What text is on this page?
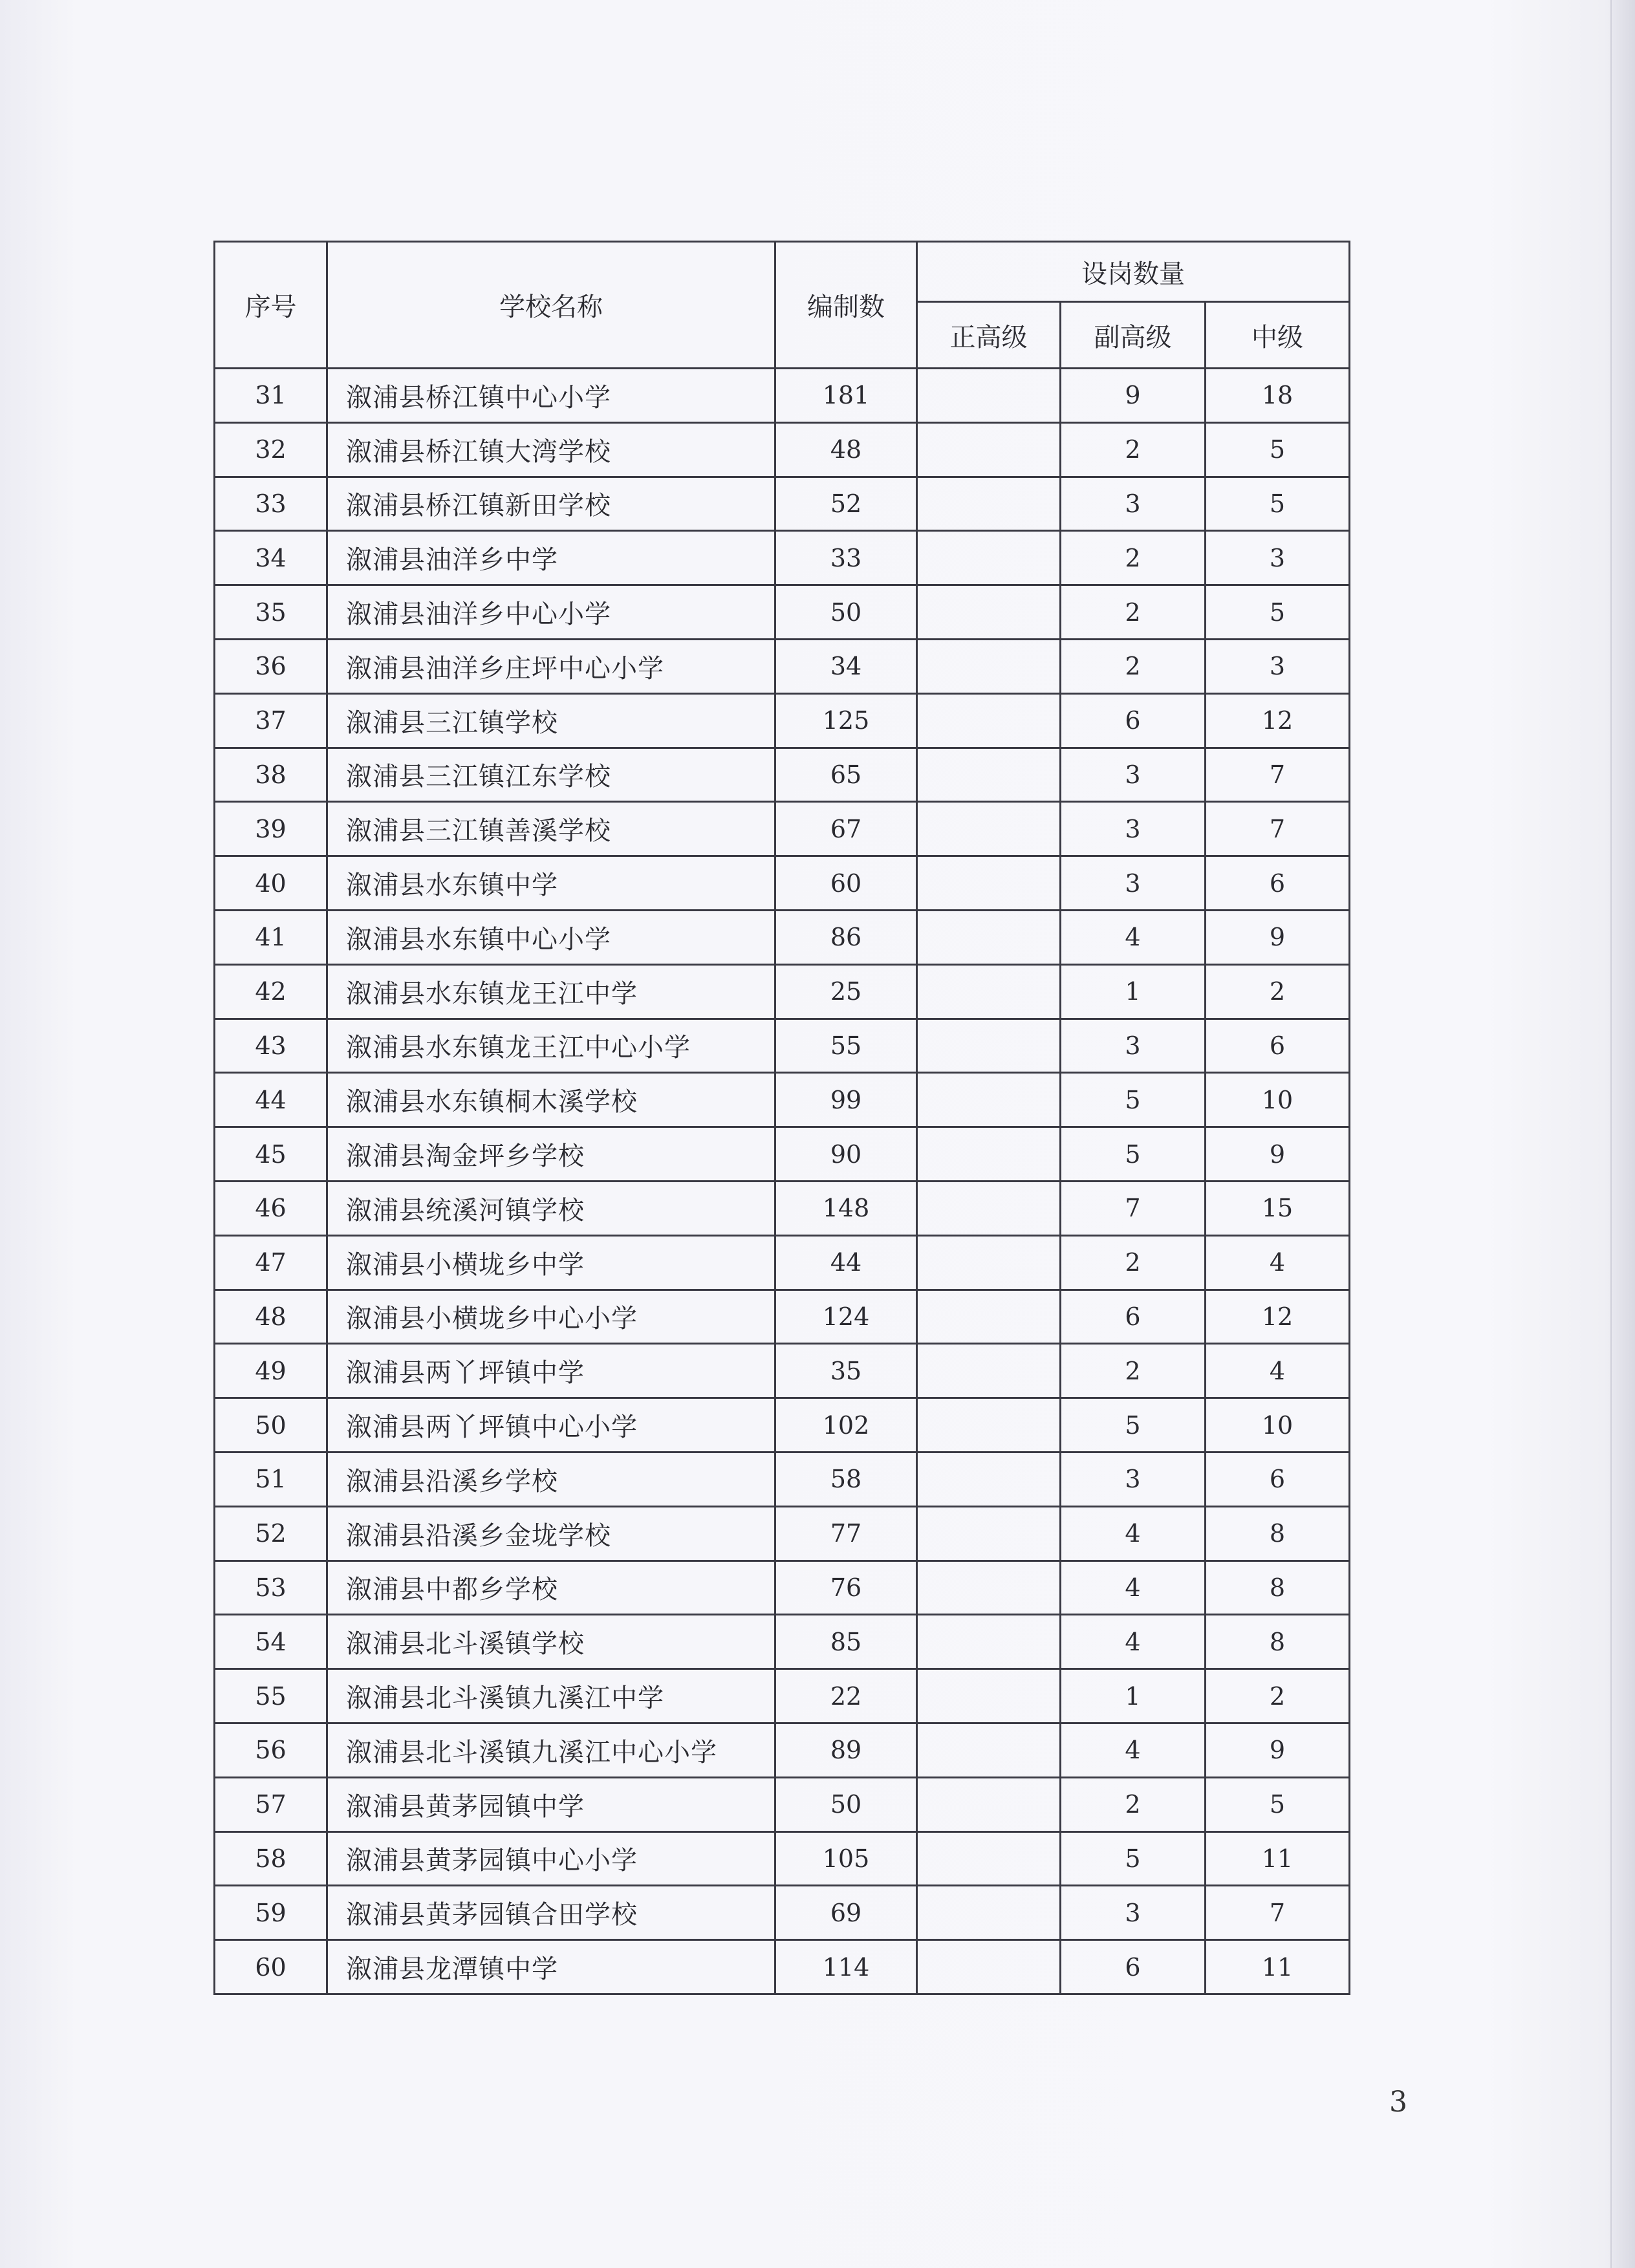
序号	学校名称	编制数	设岗数量		
			正高级	副高级	中级
31	溆浦县桥江镇中心小学	181		9	18
32	溆浦县桥江镇大湾学校	48		2	5
33	溆浦县桥江镇新田学校	52		3	5
34	溆浦县油洋乡中学	33		2	3
35	溆浦县油洋乡中心小学	50		2	5
36	溆浦县油洋乡庄坪中心小学	34		2	3
37	溆浦县三江镇学校	125		6	12
38	溆浦县三江镇江东学校	65		3	7
39	溆浦县三江镇善溪学校	67		3	7
40	溆浦县水东镇中学	60		3	6
41	溆浦县水东镇中心小学	86		4	9
42	溆浦县水东镇龙王江中学	25		1	2
43	溆浦县水东镇龙王江中心小学	55		3	6
44	溆浦县水东镇桐木溪学校	99		5	10
45	溆浦县淘金坪乡学校	90		5	9
46	溆浦县统溪河镇学校	148		7	15
47	溆浦县小横垅乡中学	44		2	4
48	溆浦县小横垅乡中心小学	124		6	12
49	溆浦县两丫坪镇中学	35		2	4
50	溆浦县两丫坪镇中心小学	102		5	10
51	溆浦县沿溪乡学校	58		3	6
52	溆浦县沿溪乡金垅学校	77		4	8
53	溆浦县中都乡学校	76		4	8
54	溆浦县北斗溪镇学校	85		4	8
55	溆浦县北斗溪镇九溪江中学	22		1	2
56	溆浦县北斗溪镇九溪江中心小学	89		4	9
57	溆浦县黄茅园镇中学	50		2	5
58	溆浦县黄茅园镇中心小学	105		5	11
59	溆浦县黄茅园镇合田学校	69		3	7
60	溆浦县龙潭镇中学	114		6	11
3
